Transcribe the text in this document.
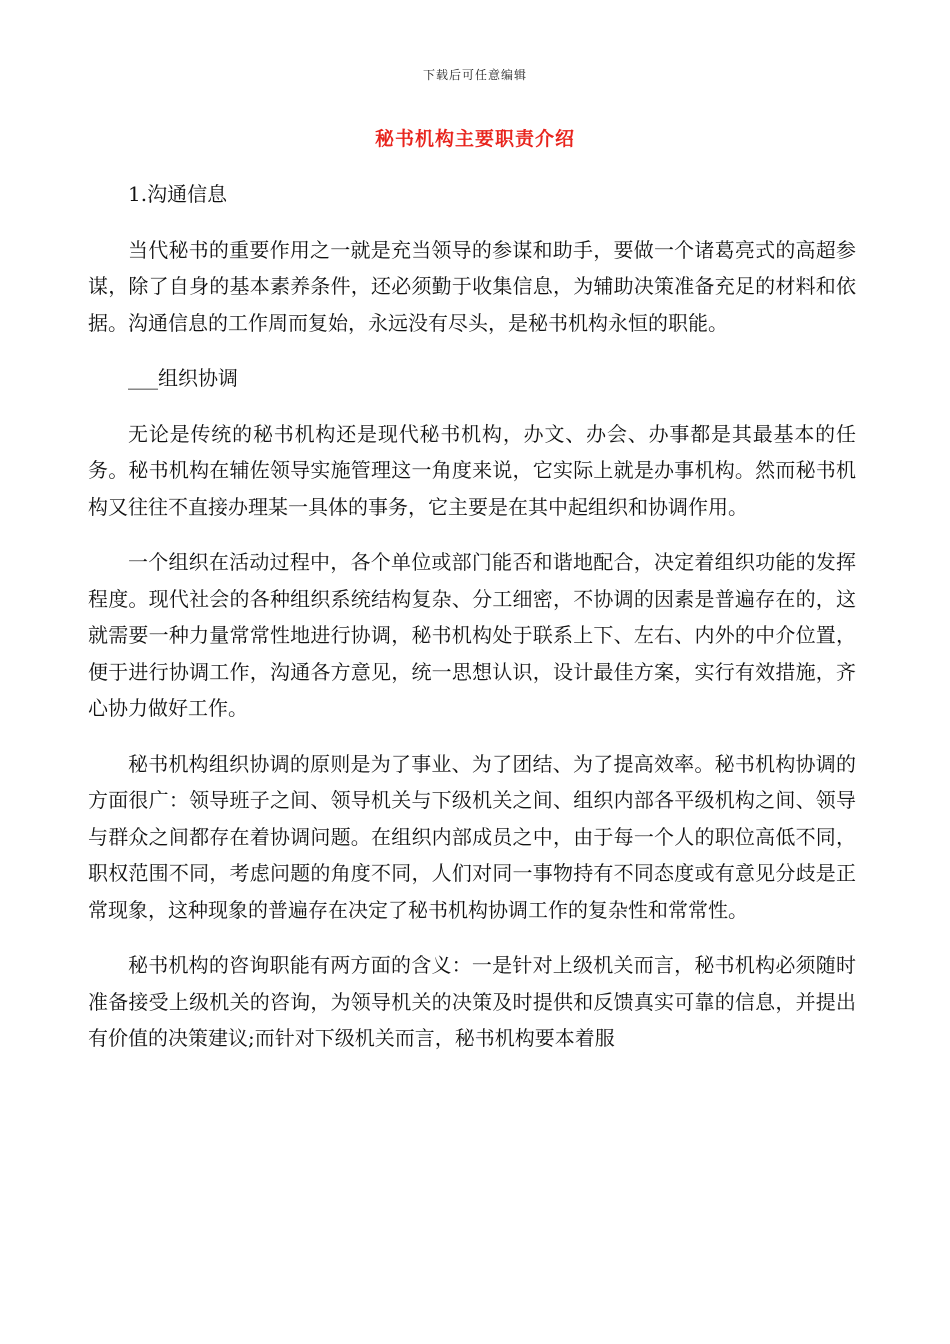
下载后可任意编辑
秘书机构主要职责介绍

1.沟通信息

当代秘书的重要作用之一就是充当领导的参谋和助手，要做一个诸葛亮式的高超参谋，除了自身的基本素养条件，还必须勤于收集信息，为辅助决策准备充足的材料和依据。沟通信息的工作周而复始，永远没有尽头，是秘书机构永恒的职能。

___组织协调

无论是传统的秘书机构还是现代秘书机构，办文、办会、办事都是其最基本的任务。秘书机构在辅佐领导实施管理这一角度来说，它实际上就是办事机构。然而秘书机构又往往不直接办理某一具体的事务，它主要是在其中起组织和协调作用。

一个组织在活动过程中，各个单位或部门能否和谐地配合，决定着组织功能的发挥程度。现代社会的各种组织系统结构复杂、分工细密，不协调的因素是普遍存在的，这就需要一种力量常常性地进行协调，秘书机构处于联系上下、左右、内外的中介位置，便于进行协调工作，沟通各方意见，统一思想认识，设计最佳方案，实行有效措施，齐心协力做好工作。

秘书机构组织协调的原则是为了事业、为了团结、为了提高效率。秘书机构协调的方面很广：领导班子之间、领导机关与下级机关之间、组织内部各平级机构之间、领导与群众之间都存在着协调问题。在组织内部成员之中，由于每一个人的职位高低不同，职权范围不同，考虑问题的角度不同，人们对同一事物持有不同态度或有意见分歧是正常现象，这种现象的普遍存在决定了秘书机构协调工作的复杂性和常常性。

秘书机构的咨询职能有两方面的含义：一是针对上级机关而言，秘书机构必须随时准备接受上级机关的咨询，为领导机关的决策及时提供和反馈真实可靠的信息，并提出有价值的决策建议;而针对下级机关而言，秘书机构要本着服
